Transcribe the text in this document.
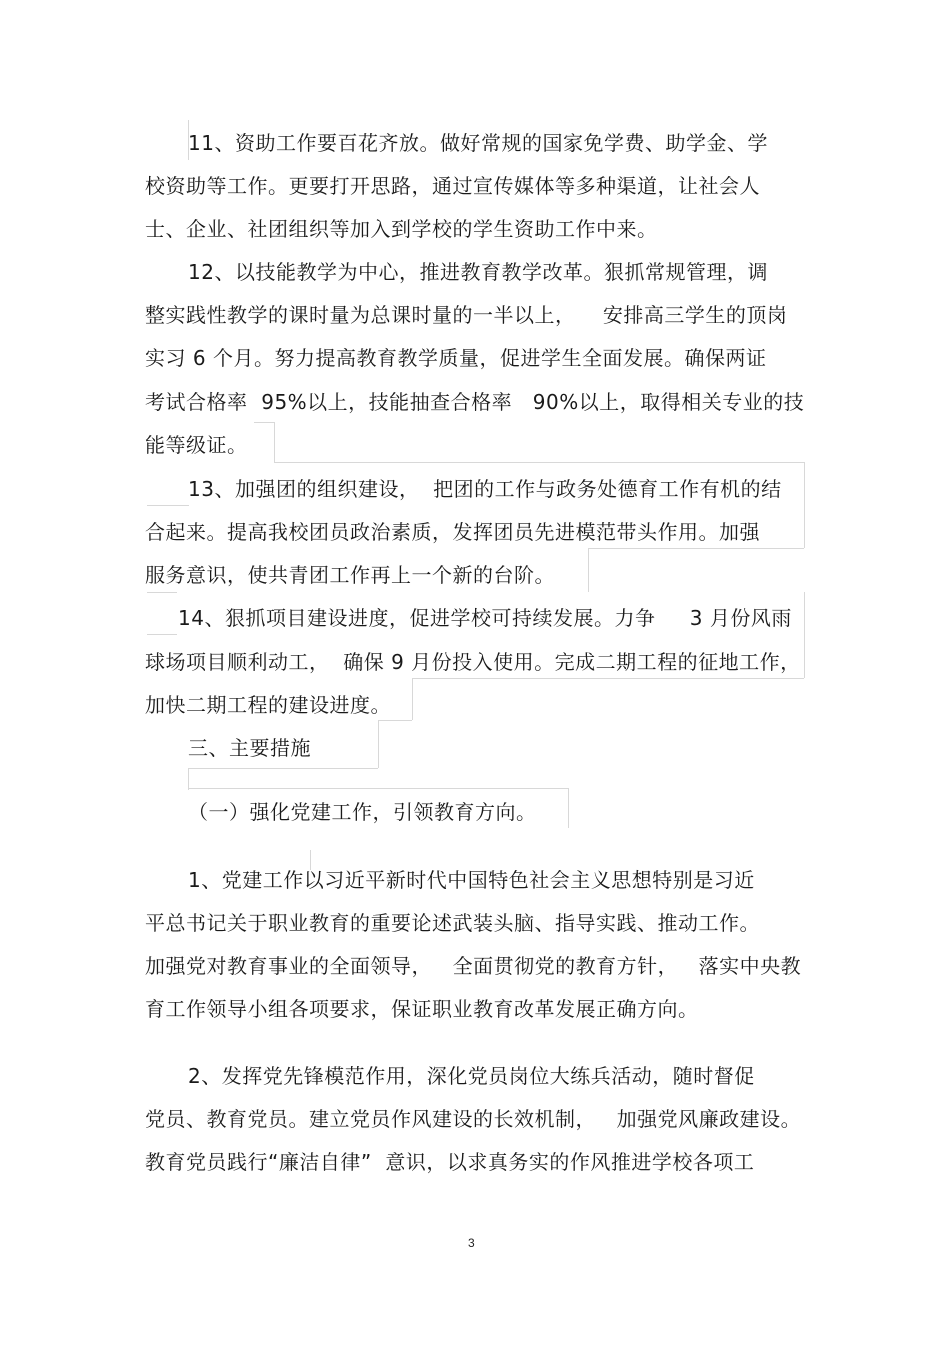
11、资助工作要百花齐放。做好常规的国家免学费、助学金、学
校资助等工作。更要打开思路，通过宣传媒体等多种渠道，让社会人
士、企业、社团组织等加入到学校的学生资助工作中来。
12、以技能教学为中心，推进教育教学改革。狠抓常规管理，调
整实践性教学的课时量为总课时量的一半以上，    安排高三学生的顶岗
实习 6 个月。努力提高教育教学质量，促进学生全面发展。确保两证
考试合格率  95%以上，技能抽查合格率   90%以上，取得相关专业的技
能等级证。
13、加强团的组织建设，  把团的工作与政务处德育工作有机的结
合起来。提高我校团员政治素质，发挥团员先进模范带头作用。加强
服务意识，使共青团工作再上一个新的台阶。
14、狠抓项目建设进度，促进学校可持续发展。力争     3 月份风雨
球场项目顺利动工，  确保 9 月份投入使用。完成二期工程的征地工作，
加快二期工程的建设进度。
三、主要措施
（一）强化党建工作，引领教育方向。
1、党建工作以习近平新时代中国特色社会主义思想特别是习近
平总书记关于职业教育的重要论述武装头脑、指导实践、推动工作。
加强党对教育事业的全面领导，   全面贯彻党的教育方针，   落实中央教
育工作领导小组各项要求，保证职业教育改革发展正确方向。
2、发挥党先锋模范作用，深化党员岗位大练兵活动，随时督促
党员、教育党员。建立党员作风建设的长效机制，   加强党风廉政建设。
教育党员践行“廉洁自律”  意识，以求真务实的作风推进学校各项工
3
